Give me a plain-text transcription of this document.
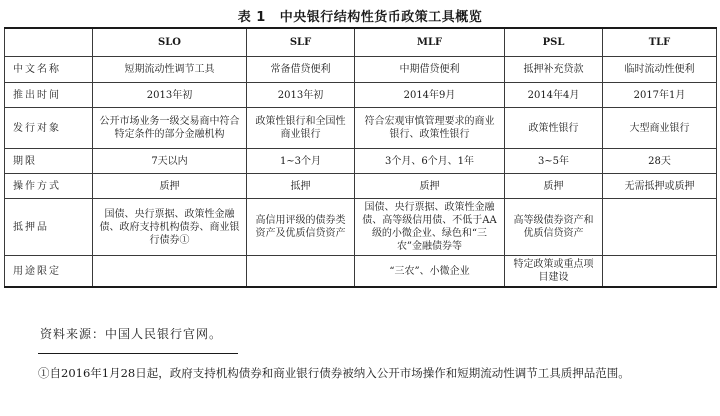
表 1 中央银行结构性货币政策工具概览
	SLO	SLF	MLF	PSL	TLF
中文名称	短期流动性调节工具	常备借贷便利	中期借贷便利	抵押补充贷款	临时流动性便利
推出时间	2013年初	2013年初	2014年9月	2014年4月	2017年1月
发行对象	公开市场业务一级交易商中符合特定条件的部分金融机构	政策性银行和全国性商业银行	符合宏观审慎管理要求的商业银行、政策性银行	政策性银行	大型商业银行
期限	7天以内	1~3个月	3个月、6个月、1年	3~5年	28天
操作方式	质押	抵押	质押	质押	无需抵押或质押
抵押品	国债、央行票据、政策性金融债、政府支持机构债券、商业银行债券①	高信用评级的债券类资产及优质信贷资产	国债、央行票据、政策性金融债、高等级信用债、不低于AA级的小微企业、绿色和“三农”金融债券等	高等级债券资产和优质信贷资产	
用途限定			“三农”、小微企业	特定政策或重点项目建设	
资料来源：中国人民银行官网。
①自2016年1月28日起，政府支持机构债券和商业银行债券被纳入公开市场操作和短期流动性调节工具质押品范围。
